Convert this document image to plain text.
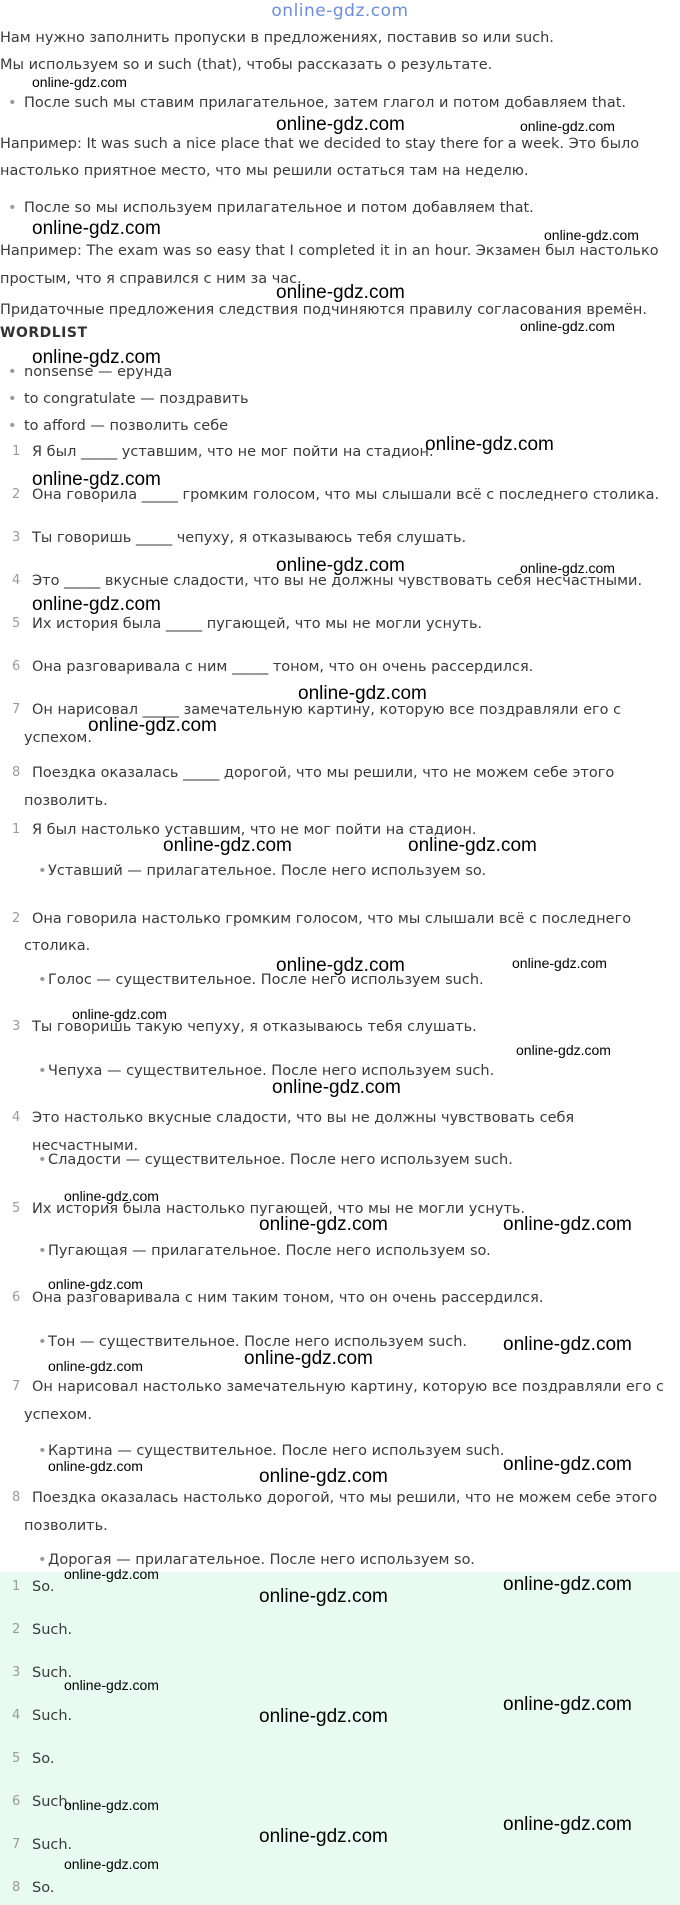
online-gdz.com
Нам нужно заполнить пропуски в предложениях, поставив so или such.
Мы используем so и such (that), чтобы рассказать о результате.
• После such мы ставим прилагательное, затем глагол и потом добавляем that.
Например: It was such a nice place that we decided to stay there for a week. Это было
настолько приятное место, что мы решили остаться там на неделю.
• После so мы используем прилагательное и потом добавляем that.
Например: The exam was so easy that I completed it in an hour. Экзамен был настолько
простым, что я справился с ним за час.
Придаточные предложения следствия подчиняются правилу согласования времён.
WORDLIST
• nonsense — ерунда
• to congratulate — поздравить
• to afford — позволить себе
1 Я был _____ уставшим, что не мог пойти на стадион.
2 Она говорила _____ громким голосом, что мы слышали всё с последнего столика.
3 Ты говоришь _____ чепуху, я отказываюсь тебя слушать.
4 Это _____ вкусные сладости, что вы не должны чувствовать себя несчастными.
5 Их история была _____ пугающей, что мы не могли уснуть.
6 Она разговаривала с ним _____ тоном, что он очень рассердился.
7 Он нарисовал _____ замечательную картину, которую все поздравляли его с
успехом.
8 Поездка оказалась _____ дорогой, что мы решили, что не можем себе этого
позволить.
1 Я был настолько уставшим, что не мог пойти на стадион.
• Уставший — прилагательное. После него используем so.
2 Она говорила настолько громким голосом, что мы слышали всё с последнего
столика.
• Голос — существительное. После него используем such.
3 Ты говоришь такую чепуху, я отказываюсь тебя слушать.
• Чепуха — существительное. После него используем such.
4 Это настолько вкусные сладости, что вы не должны чувствовать себя несчастными.
• Сладости — существительное. После него используем such.
5 Их история была настолько пугающей, что мы не могли уснуть.
• Пугающая — прилагательное. После него используем so.
6 Она разговаривала с ним таким тоном, что он очень рассердился.
• Тон — существительное. После него используем such.
7 Он нарисовал настолько замечательную картину, которую все поздравляли его с
успехом.
• Картина — существительное. После него используем such.
8 Поездка оказалась настолько дорогой, что мы решили, что не можем себе этого
позволить.
• Дорогая — прилагательное. После него используем so.
1 So.
2 Such.
3 Such.
4 Such.
5 So.
6 Such.
7 Such.
8 So.
online-gdz.com
online-gdz.com	online-gdz.com
online-gdz.com	online-gdz.com
online-gdz.com
online-gdz.com
online-gdz.com
online-gdz.com
online-gdz.com
online-gdz.com	online-gdz.com
online-gdz.com
online-gdz.com
online-gdz.com
online-gdz.com	online-gdz.com
online-gdz.com	online-gdz.com
online-gdz.com
online-gdz.com
online-gdz.com
online-gdz.com
online-gdz.com	online-gdz.com
online-gdz.com
online-gdz.com	online-gdz.com
online-gdz.com
online-gdz.com	online-gdz.com
online-gdz.com
online-gdz.com
online-gdz.com
online-gdz.com
online-gdz.com
online-gdz.com
online-gdz.com
online-gdz.com
online-gdz.com
online-gdz.com
online-gdz.com
